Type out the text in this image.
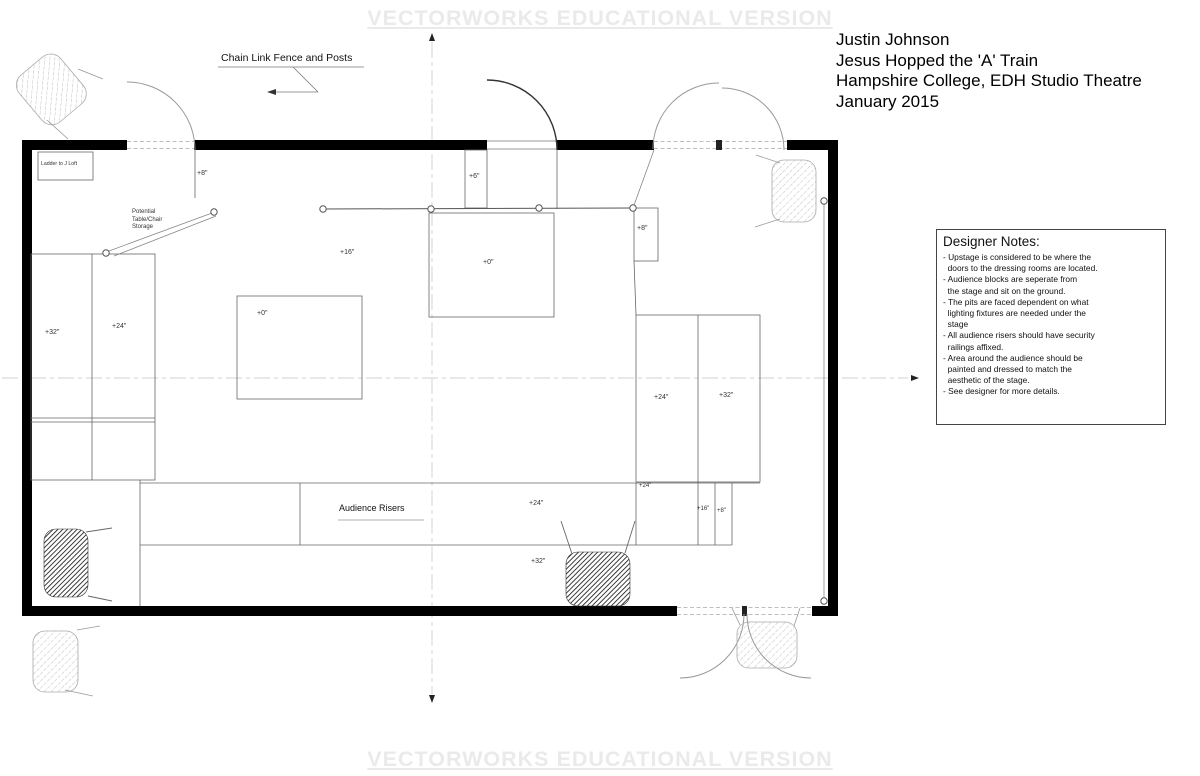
VECTORWORKS EDUCATIONAL VERSION
VECTORWORKS EDUCATIONAL VERSION
Chain Link Fence and Posts
Ladder to J Loft
Potential
Table/Chair
Storage
Audience Risers
+8"	+6"
+8"
+16"
+0"
+0"
+32"
+24"
+24"	+32"
+24"
+24"
+16" +8"
+32"
Justin Johnson
Jesus Hopped the 'A' Train
Hampshire College, EDH Studio Theatre
January 2015
Designer Notes:
- Upstage is considered to be where the
doors to the dressing rooms are located.
- Audience blocks are seperate from
the stage and sit on the ground.
- The pits are faced dependent on what
lighting fixtures are needed under the
stage
- All audience risers should have security
railings affixed.
- Area around the audience should be
painted and dressed to match the
aesthetic of the stage.
- See designer for more details.
